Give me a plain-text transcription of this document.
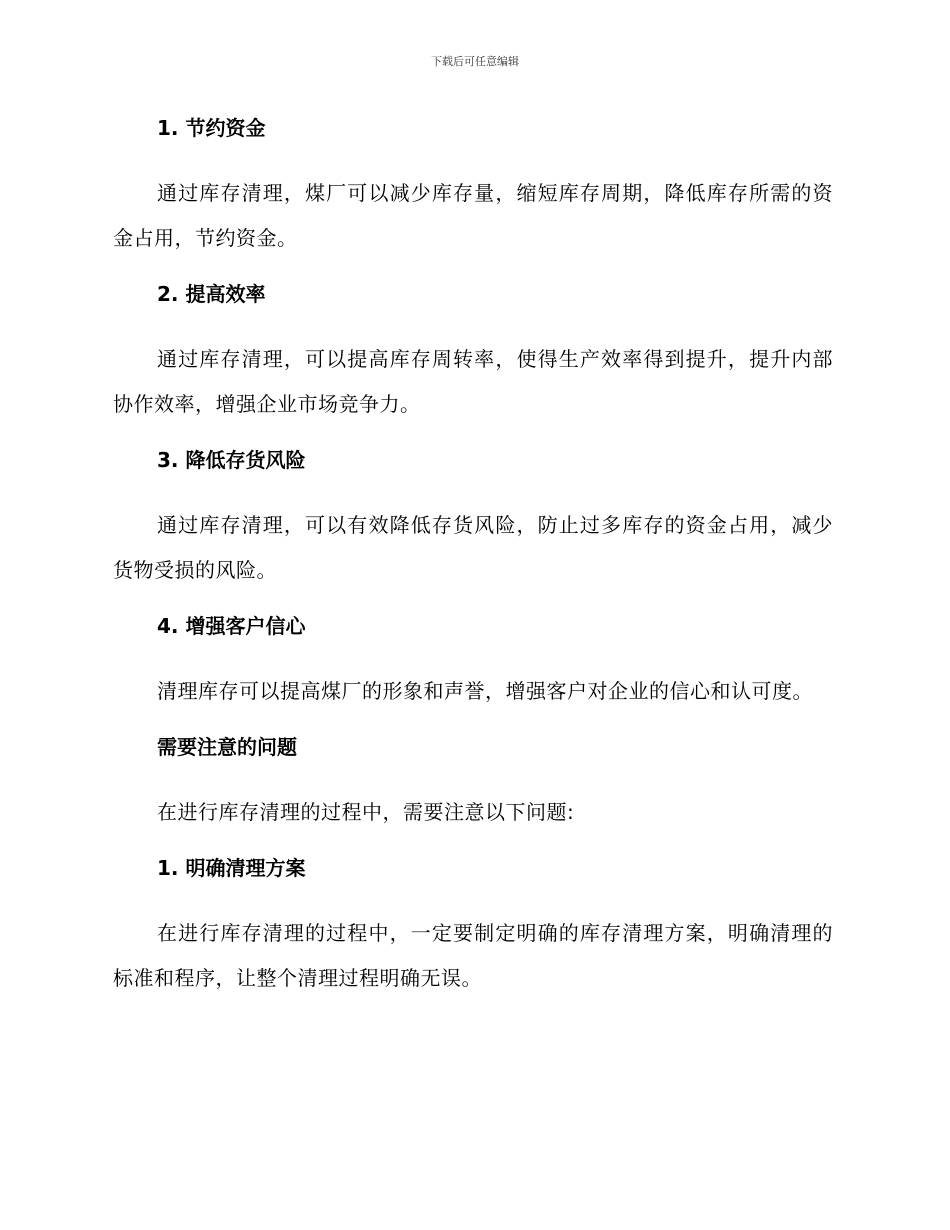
下载后可任意编辑
1. 节约资金

通过库存清理，煤厂可以减少库存量，缩短库存周期，降低库存所需的资金占用，节约资金。

2. 提高效率

通过库存清理，可以提高库存周转率，使得生产效率得到提升，提升内部协作效率，增强企业市场竞争力。

3. 降低存货风险

通过库存清理，可以有效降低存货风险，防止过多库存的资金占用，减少货物受损的风险。

4. 增强客户信心

清理库存可以提高煤厂的形象和声誉，增强客户对企业的信心和认可度。

需要注意的问题

在进行库存清理的过程中，需要注意以下问题:

1. 明确清理方案

在进行库存清理的过程中，一定要制定明确的库存清理方案，明确清理的标准和程序，让整个清理过程明确无误。
